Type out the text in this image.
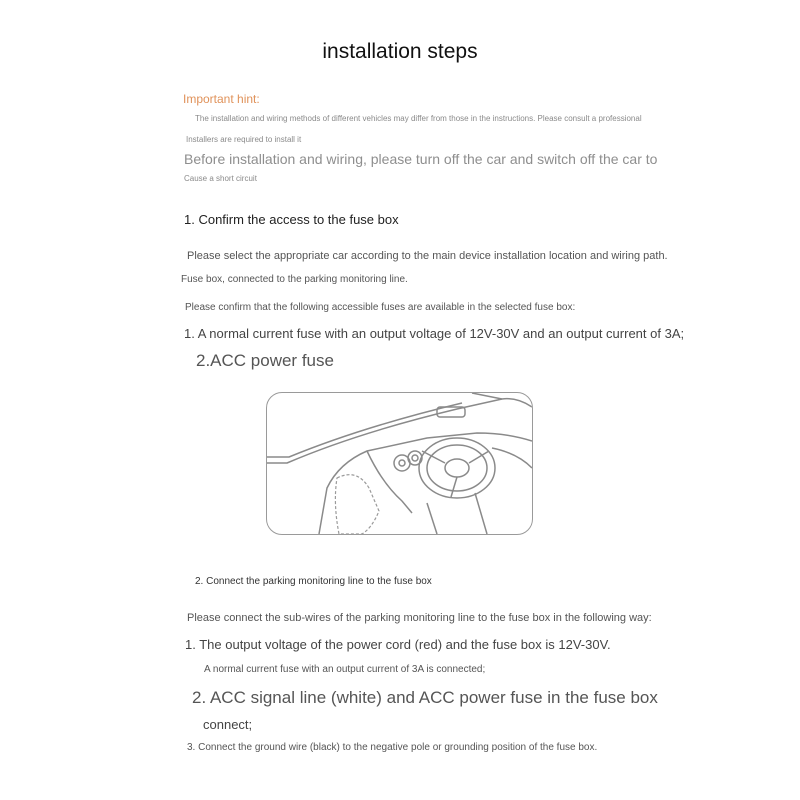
installation steps
Important hint:
The installation and wiring methods of different vehicles may differ from those in the instructions. Please consult a professional
Installers are required to install it
Before installation and wiring, please turn off the car and switch off the car to
Cause a short circuit
1. Confirm the access to the fuse box
Please select the appropriate car according to the main device installation location and wiring path.
Fuse box, connected to the parking monitoring line.
Please confirm that the following accessible fuses are available in the selected fuse box:
1. A normal current fuse with an output voltage of 12V-30V and an output current of 3A;
2.ACC power fuse
2. Connect the parking monitoring line to the fuse box
Please connect the sub-wires of the parking monitoring line to the fuse box in the following way:
1. The output voltage of the power cord (red) and the fuse box is 12V-30V.
A normal current fuse with an output current of 3A is connected;
2. ACC signal line (white) and ACC power fuse in the fuse box
connect;
3. Connect the ground wire (black) to the negative pole or grounding position of the fuse box.
